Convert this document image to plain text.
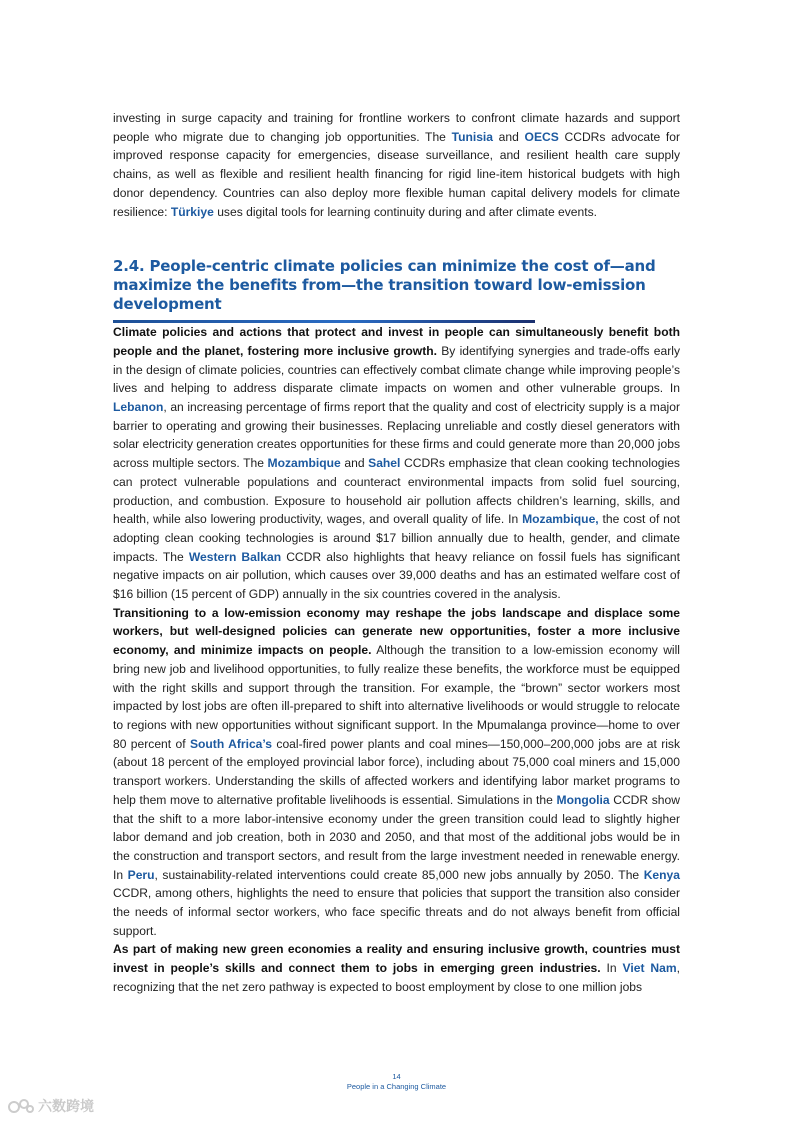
investing in surge capacity and training for frontline workers to confront climate hazards and support people who migrate due to changing job opportunities. The Tunisia and OECS CCDRs advocate for improved response capacity for emergencies, disease surveillance, and resilient health care supply chains, as well as flexible and resilient health financing for rigid line-item historical budgets with high donor dependency. Countries can also deploy more flexible human capital delivery models for climate resilience: Türkiye uses digital tools for learning continuity during and after climate events.

2.4. People-centric climate policies can minimize the cost of—and maximize the benefits from—the transition toward low-emission development

Climate policies and actions that protect and invest in people can simultaneously benefit both people and the planet, fostering more inclusive growth. By identifying synergies and trade-offs early in the design of climate policies, countries can effectively combat climate change while improving people’s lives and helping to address disparate climate impacts on women and other vulnerable groups. In Lebanon, an increasing percentage of firms report that the quality and cost of electricity supply is a major barrier to operating and growing their businesses. Replacing unreliable and costly diesel generators with solar electricity generation creates opportunities for these firms and could generate more than 20,000 jobs across multiple sectors. The Mozambique and Sahel CCDRs emphasize that clean cooking technologies can protect vulnerable populations and counteract environmental impacts from solid fuel sourcing, production, and combustion. Exposure to household air pollution affects children’s learning, skills, and health, while also lowering productivity, wages, and overall quality of life. In Mozambique, the cost of not adopting clean cooking technologies is around $17 billion annually due to health, gender, and climate impacts. The Western Balkan CCDR also highlights that heavy reliance on fossil fuels has significant negative impacts on air pollution, which causes over 39,000 deaths and has an estimated welfare cost of $16 billion (15 percent of GDP) annually in the six countries covered in the analysis.

Transitioning to a low-emission economy may reshape the jobs landscape and displace some workers, but well-designed policies can generate new opportunities, foster a more inclusive economy, and minimize impacts on people. Although the transition to a low-emission economy will bring new job and livelihood opportunities, to fully realize these benefits, the workforce must be equipped with the right skills and support through the transition. For example, the “brown” sector workers most impacted by lost jobs are often ill-prepared to shift into alternative livelihoods or would struggle to relocate to regions with new opportunities without significant support. In the Mpumalanga province—home to over 80 percent of South Africa’s coal-fired power plants and coal mines—150,000–200,000 jobs are at risk (about 18 percent of the employed provincial labor force), including about 75,000 coal miners and 15,000 transport workers. Understanding the skills of affected workers and identifying labor market programs to help them move to alternative profitable livelihoods is essential. Simulations in the Mongolia CCDR show that the shift to a more labor-intensive economy under the green transition could lead to slightly higher labor demand and job creation, both in 2030 and 2050, and that most of the additional jobs would be in the construction and transport sectors, and result from the large investment needed in renewable energy. In Peru, sustainability-related interventions could create 85,000 new jobs annually by 2050. The Kenya CCDR, among others, highlights the need to ensure that policies that support the transition also consider the needs of informal sector workers, who face specific threats and do not always benefit from official support.

As part of making new green economies a reality and ensuring inclusive growth, countries must invest in people’s skills and connect them to jobs in emerging green industries. In Viet Nam, recognizing that the net zero pathway is expected to boost employment by close to one million jobs

14
People in a Changing Climate
六数跨境
